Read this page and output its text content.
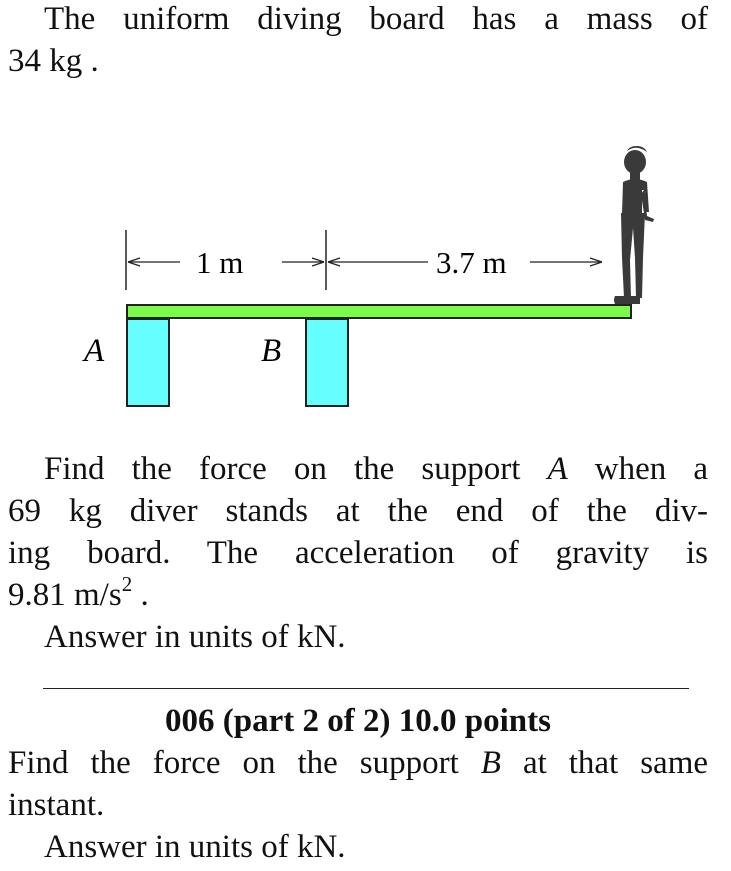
The uniform diving board has a mass of
34 kg .
1 m	3.7 m
A	B
Find the force on the support A when a
69 kg diver stands at the end of the div-
ing board. The acceleration of gravity is
9.81 $m/s^2$ .
Answer in units of kN.
006 (part 2 of 2) 10.0 points
Find the force on the support B at that same
instant.
Answer in units of kN.
